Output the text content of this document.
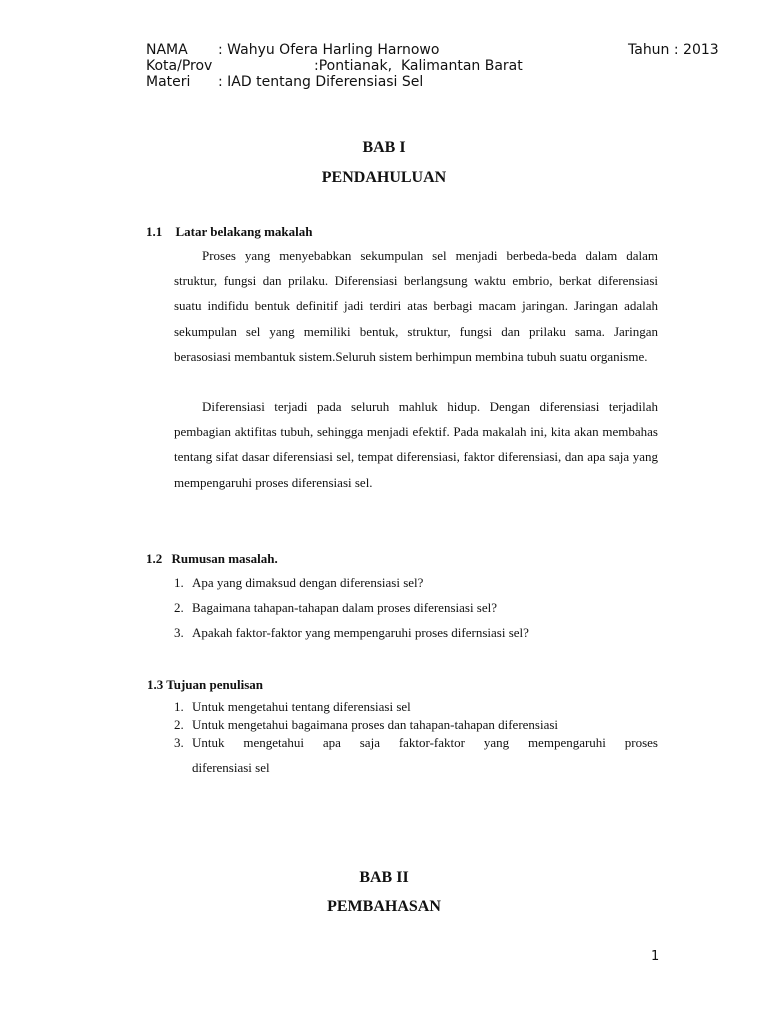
NAMA

: Wahyu Ofera Harling Harnowo

	Tahun : 2013

Kota/Prov

	:Pontianak,  Kalimantan Barat

Materi

: IAD tentang Diferensiasi Sel

BAB I
PENDAHULUAN
1.1 Latar belakang makalah

Proses yang menyebabkan sekumpulan sel menjadi berbeda-beda dalam dalam struktur, fungsi dan prilaku. Diferensiasi berlangsung waktu embrio, berkat diferensiasi suatu indifidu bentuk definitif jadi terdiri atas berbagi macam jaringan. Jaringan adalah sekumpulan sel yang memiliki bentuk, struktur, fungsi dan prilaku sama. Jaringan berasosiasi membantuk sistem.Seluruh sistem berhimpun membina tubuh suatu organisme.

Diferensiasi terjadi pada seluruh mahluk hidup. Dengan diferensiasi terjadilah pembagian aktifitas tubuh, sehingga menjadi efektif. Pada makalah ini, kita akan membahas tentang sifat dasar diferensiasi sel, tempat diferensiasi, faktor diferensiasi, dan apa saja yang mempengaruhi proses diferensiasi sel.

1.2 Rumusan masalah.
1. Apa yang dimaksud dengan diferensiasi sel?
2. Bagaimana tahapan-tahapan dalam proses diferensiasi sel?
3. Apakah faktor-faktor yang mempengaruhi proses difernsiasi sel?
1.3 Tujuan penulisan
1. Untuk mengetahui tentang diferensiasi sel
2. Untuk mengetahui bagaimana proses dan tahapan-tahapan diferensiasi
3. Untuk mengetahui apa saja faktor-faktor yang mempengaruhi proses
diferensiasi sel
BAB II
PEMBAHASAN
1
